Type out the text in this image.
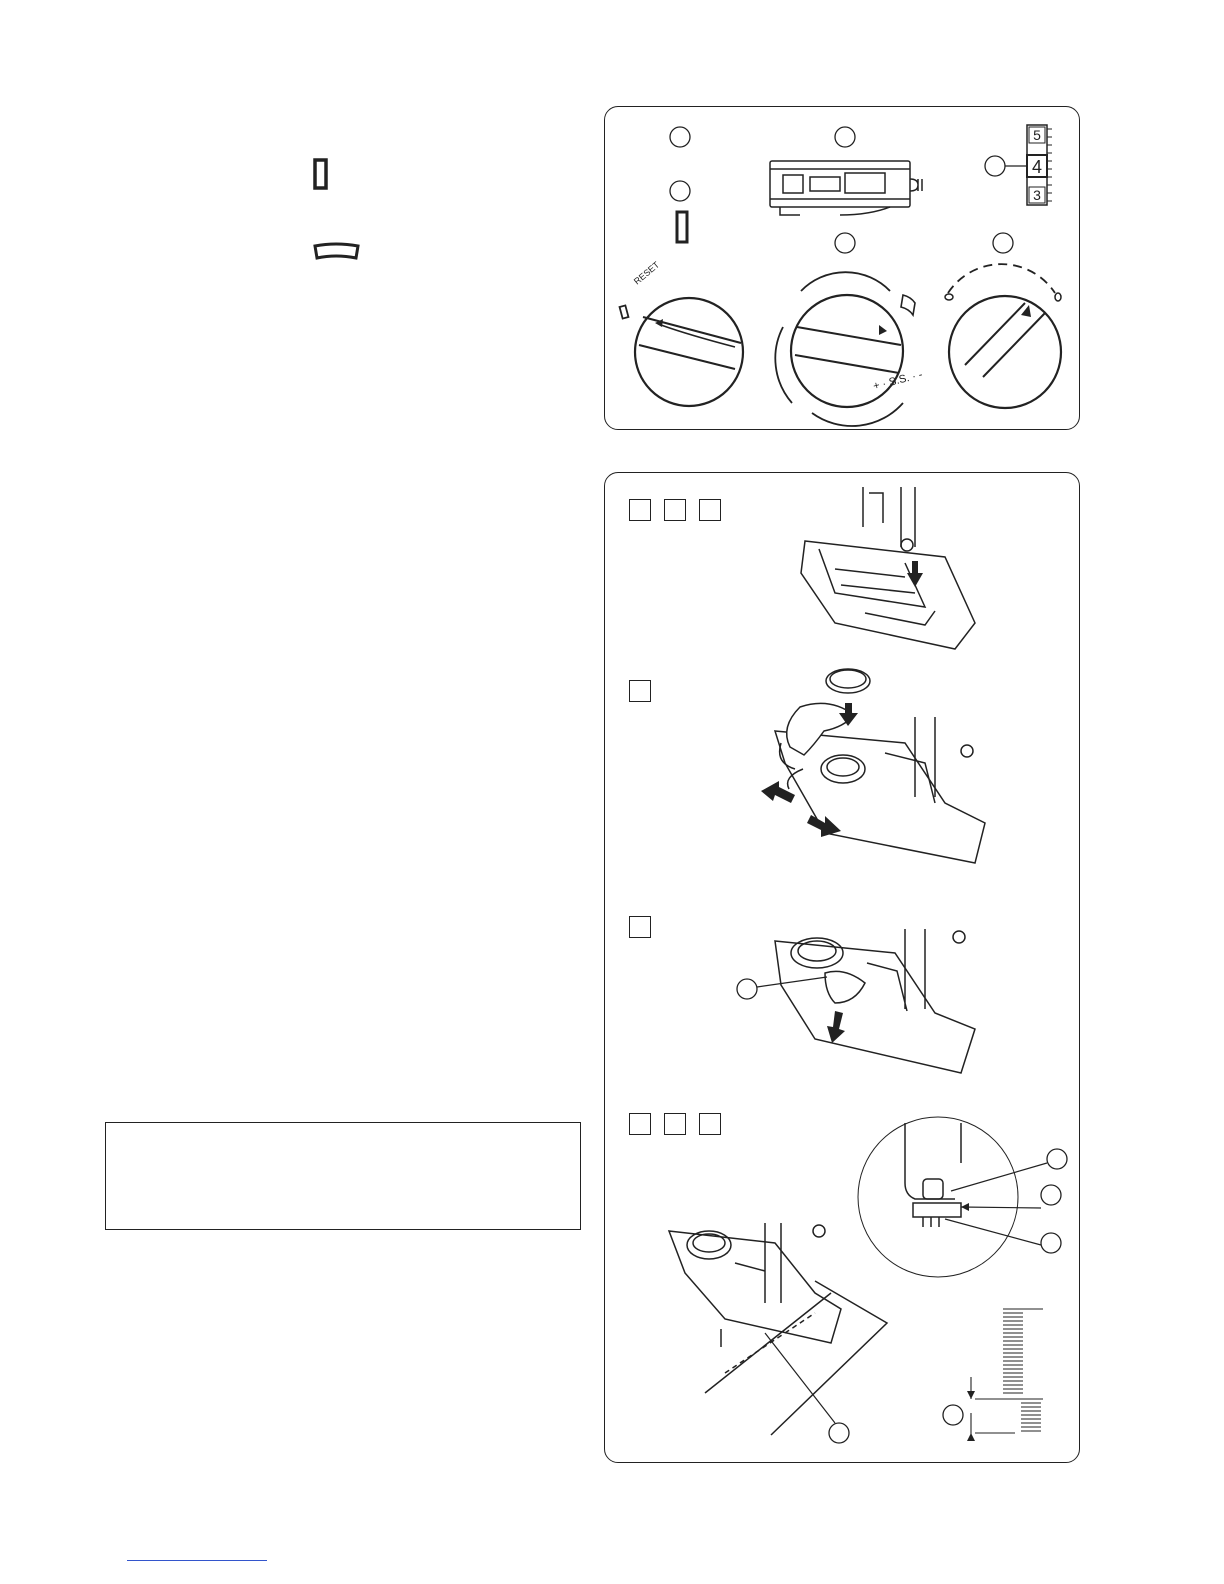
5
4
3
RESET
+ · S.S. · -
